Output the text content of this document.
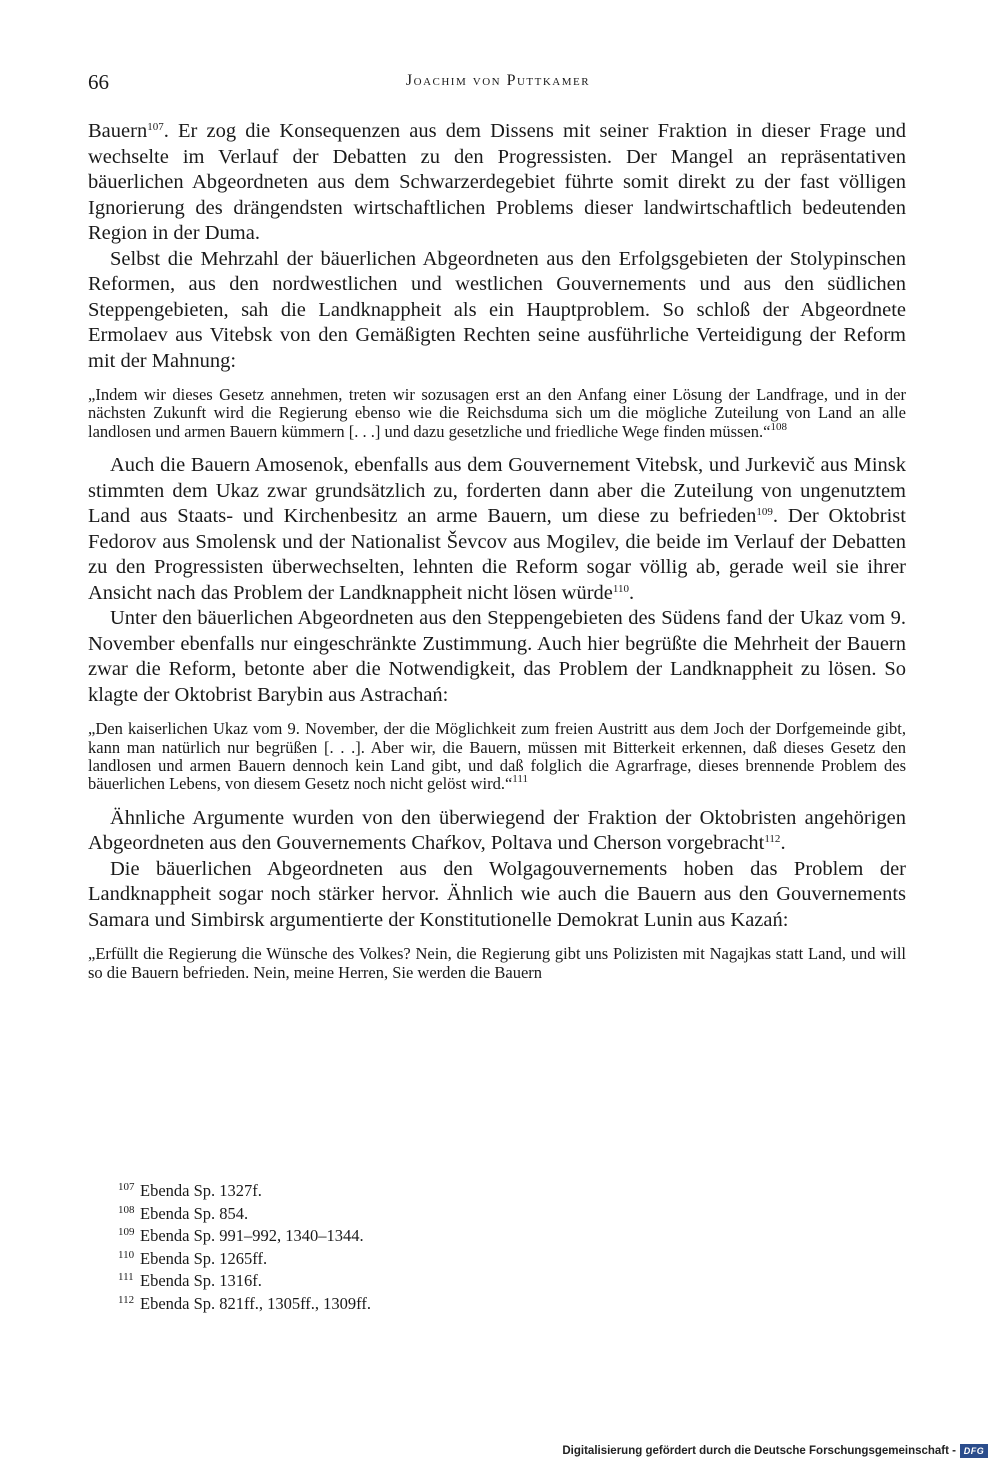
66	Joachim von Puttkamer

Bauern$^{107}$. Er zog die Konsequenzen aus dem Dissens mit seiner Fraktion in dieser Frage und wechselte im Verlauf der Debatten zu den Progressisten. Der Mangel an repräsentativen bäuerlichen Abgeordneten aus dem Schwarzerdegebiet führte somit direkt zu der fast völligen Ignorierung des drängendsten wirtschaftlichen Problems dieser landwirtschaftlich bedeutenden Region in der Duma.

Selbst die Mehrzahl der bäuerlichen Abgeordneten aus den Erfolgsgebieten der Stolypinschen Reformen, aus den nordwestlichen und westlichen Gouvernements und aus den südlichen Steppengebieten, sah die Landknappheit als ein Hauptproblem. So schloß der Abgeordnete Ermolaev aus Vitebsk von den Gemäßigten Rechten seine ausführliche Verteidigung der Reform mit der Mahnung:

„Indem wir dieses Gesetz annehmen, treten wir sozusagen erst an den Anfang einer Lösung der Landfrage, und in der nächsten Zukunft wird die Regierung ebenso wie die Reichsduma sich um die mögliche Zuteilung von Land an alle landlosen und armen Bauern kümmern [. . .] und dazu gesetzliche und friedliche Wege finden müssen.“$^{108}$

Auch die Bauern Amosenok, ebenfalls aus dem Gouvernement Vitebsk, und Jurkevič aus Minsk stimmten dem Ukaz zwar grundsätzlich zu, forderten dann aber die Zuteilung von ungenutztem Land aus Staats- und Kirchenbesitz an arme Bauern, um diese zu befrieden$^{109}$. Der Oktobrist Fedorov aus Smolensk und der Nationalist Ševcov aus Mogilev, die beide im Verlauf der Debatten zu den Progressisten überwechselten, lehnten die Reform sogar völlig ab, gerade weil sie ihrer Ansicht nach das Problem der Landknappheit nicht lösen würde$^{110}$.

Unter den bäuerlichen Abgeordneten aus den Steppengebieten des Südens fand der Ukaz vom 9. November ebenfalls nur eingeschränkte Zustimmung. Auch hier begrüßte die Mehrheit der Bauern zwar die Reform, betonte aber die Notwendigkeit, das Problem der Landknappheit zu lösen. So klagte der Oktobrist Barybin aus Astrachań:

„Den kaiserlichen Ukaz vom 9. November, der die Möglichkeit zum freien Austritt aus dem Joch der Dorfgemeinde gibt, kann man natürlich nur begrüßen [. . .]. Aber wir, die Bauern, müssen mit Bitterkeit erkennen, daß dieses Gesetz den landlosen und armen Bauern dennoch kein Land gibt, und daß folglich die Agrarfrage, dieses brennende Problem des bäuerlichen Lebens, von diesem Gesetz noch nicht gelöst wird.“$^{111}$

Ähnliche Argumente wurden von den überwiegend der Fraktion der Oktobristen angehörigen Abgeordneten aus den Gouvernements Chaŕkov, Poltava und Cherson vorgebracht$^{112}$.

Die bäuerlichen Abgeordneten aus den Wolgagouvernements hoben das Problem der Landknappheit sogar noch stärker hervor. Ähnlich wie auch die Bauern aus den Gouvernements Samara und Simbirsk argumentierte der Konstitutionelle Demokrat Lunin aus Kazań:

„Erfüllt die Regierung die Wünsche des Volkes? Nein, die Regierung gibt uns Polizisten mit Nagajkas statt Land, und will so die Bauern befrieden. Nein, meine Herren, Sie werden die Bauern

107 Ebenda Sp. 1327f.
108 Ebenda Sp. 854.
109 Ebenda Sp. 991–992, 1340–1344.
110 Ebenda Sp. 1265ff.
111 Ebenda Sp. 1316f.
112 Ebenda Sp. 821ff., 1305ff., 1309ff.
Digitalisierung gefördert durch die Deutsche Forschungsgemeinschaft - DFG
